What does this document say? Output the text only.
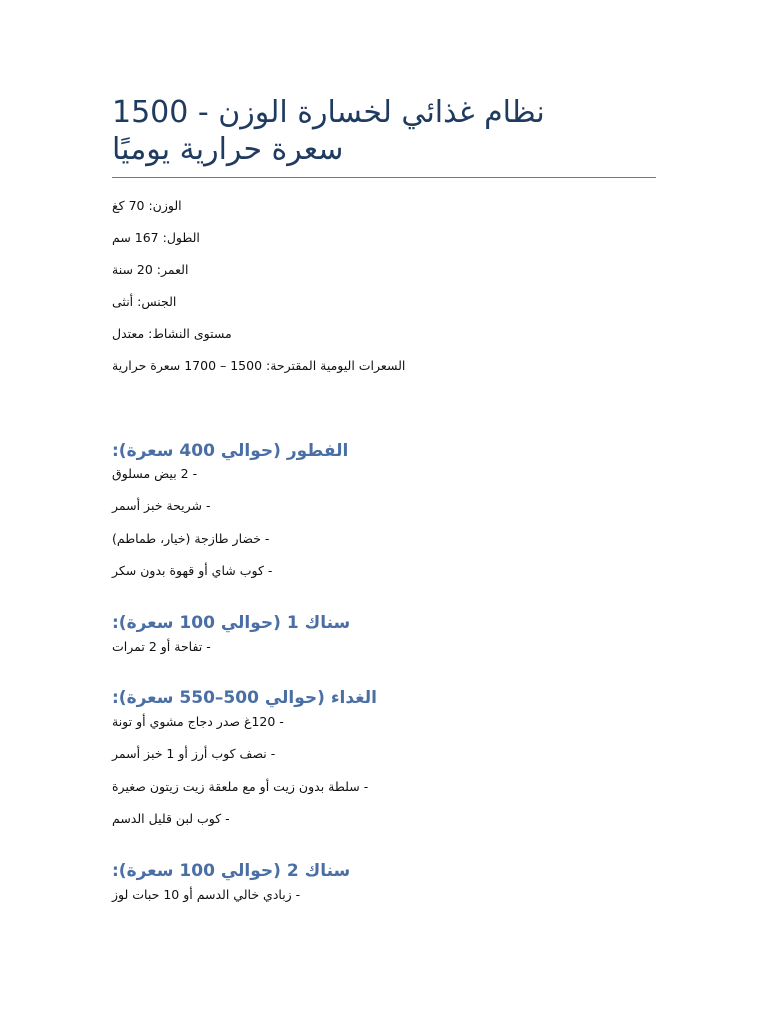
نظام غذائي لخسارة الوزن - 1500
سعرة حرارية يوميًا
الوزن: 70 كغ
الطول: 167 سم
العمر: 20 سنة
الجنس: أنثى
مستوى النشاط: معتدل
السعرات اليومية المقترحة: 1500 – 1700 سعرة حرارية
الفطور (حوالي 400 سعرة):
- 2 بيض مسلوق
- شريحة خبز أسمر
- خضار طازجة (خيار، طماطم)
- كوب شاي أو قهوة بدون سكر
سناك 1 (حوالي 100 سعرة):
- تفاحة أو 2 تمرات
الغداء (حوالي 500–550 سعرة):
- 120غ صدر دجاج مشوي أو تونة
- نصف كوب أرز أو 1 خبز أسمر
- سلطة بدون زيت أو مع ملعقة زيت زيتون صغيرة
- كوب لبن قليل الدسم
سناك 2 (حوالي 100 سعرة):
- زبادي خالي الدسم أو 10 حبات لوز
